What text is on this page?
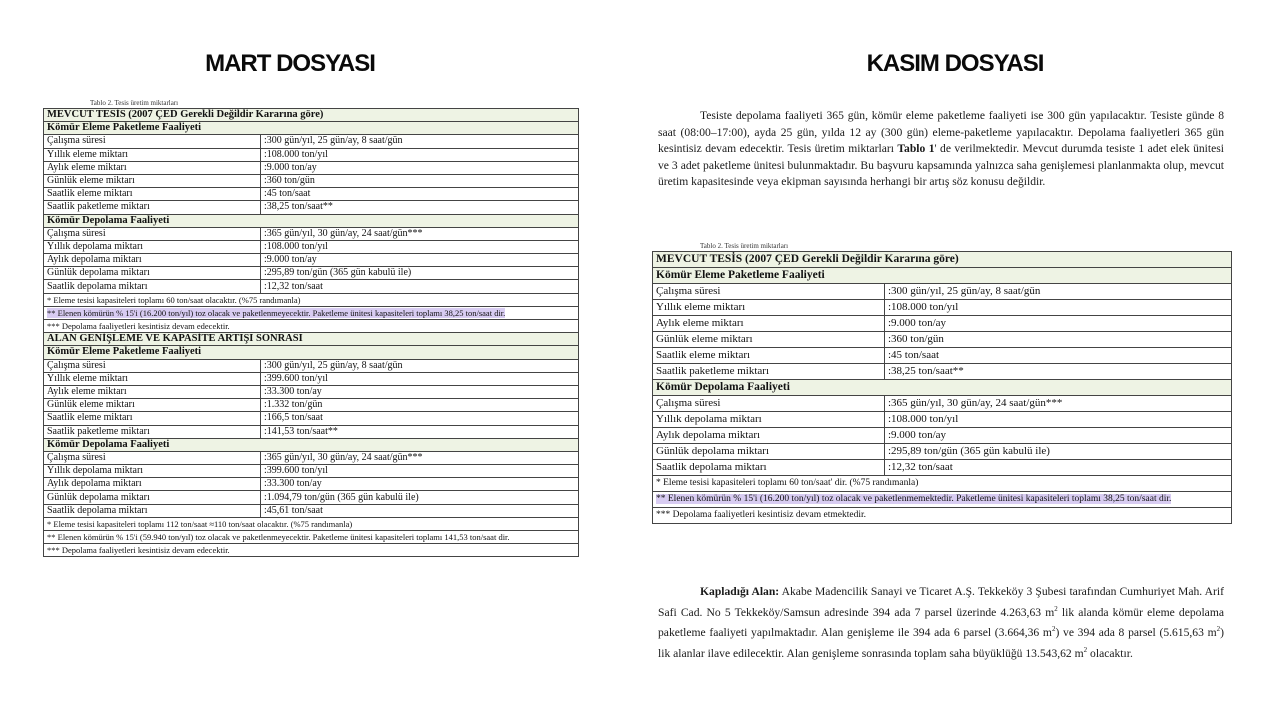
MART DOSYASI	KASIM DOSYASI
Tablo 2. Tesis üretim miktarları
MEVCUT TESİS (2007 ÇED Gerekli Değildir Kararına göre)	
Kömür Eleme Paketleme Faaliyeti	
Çalışma süresi	:300 gün/yıl, 25 gün/ay, 8 saat/gün
Yıllık eleme miktarı	:108.000 ton/yıl
Aylık eleme miktarı	:9.000 ton/ay
Günlük eleme miktarı	:360 ton/gün
Saatlik eleme miktarı	:45 ton/saat
Saatlik paketleme miktarı	:38,25 ton/saat**
Kömür Depolama Faaliyeti	
Çalışma süresi	:365 gün/yıl, 30 gün/ay, 24 saat/gün***
Yıllık depolama miktarı	:108.000 ton/yıl
Aylık depolama miktarı	:9.000 ton/ay
Günlük depolama miktarı	:295,89 ton/gün (365 gün kabulü ile)
Saatlik depolama miktarı	:12,32 ton/saat
* Eleme tesisi kapasiteleri toplamı 60 ton/saat olacaktır. (%75 randımanla)	
** Elenen kömürün % 15'i (16.200 ton/yıl) toz olacak ve paketlenmeyecektir. Paketleme ünitesi kapasiteleri toplamı 38,25 ton/saat dir.	
*** Depolama faaliyetleri kesintisiz devam edecektir.	
ALAN GENİŞLEME VE KAPASİTE ARTIŞI SONRASI	
Kömür Eleme Paketleme Faaliyeti	
Çalışma süresi	:300 gün/yıl, 25 gün/ay, 8 saat/gün
Yıllık eleme miktarı	:399.600 ton/yıl
Aylık eleme miktarı	:33.300 ton/ay
Günlük eleme miktarı	:1.332 ton/gün
Saatlik eleme miktarı	:166,5 ton/saat
Saatlik paketleme miktarı	:141,53 ton/saat**
Kömür Depolama Faaliyeti	
Çalışma süresi	:365 gün/yıl, 30 gün/ay, 24 saat/gün***
Yıllık depolama miktarı	:399.600 ton/yıl
Aylık depolama miktarı	:33.300 ton/ay
Günlük depolama miktarı	:1.094,79 ton/gün (365 gün kabulü ile)
Saatlik depolama miktarı	:45,61 ton/saat
* Eleme tesisi kapasiteleri toplamı 112 ton/saat ≈110 ton/saat olacaktır. (%75 randımanla)	
** Elenen kömürün % 15'i (59.940 ton/yıl) toz olacak ve paketlenmeyecektir. Paketleme ünitesi kapasiteleri toplamı 141,53 ton/saat dir.	
*** Depolama faaliyetleri kesintisiz devam edecektir.	
Tesiste depolama faaliyeti 365 gün, kömür eleme paketleme faaliyeti ise 300 gün yapılacaktır. Tesiste günde 8 saat (08:00–17:00), ayda 25 gün, yılda 12 ay (300 gün) eleme-paketleme yapılacaktır. Depolama faaliyetleri 365 gün kesintisiz devam edecektir. Tesis üretim miktarları Tablo 1' de verilmektedir. Mevcut durumda tesiste 1 adet elek ünitesi ve 3 adet paketleme ünitesi bulunmaktadır. Bu başvuru kapsamında yalnızca saha genişlemesi planlanmakta olup, mevcut üretim kapasitesinde veya ekipman sayısında herhangi bir artış söz konusu değildir.
Tablo 2. Tesis üretim miktarları
MEVCUT TESİS (2007 ÇED Gerekli Değildir Kararına göre)	
Kömür Eleme Paketleme Faaliyeti	
Çalışma süresi	:300 gün/yıl, 25 gün/ay, 8 saat/gün
Yıllık eleme miktarı	:108.000 ton/yıl
Aylık eleme miktarı	:9.000 ton/ay
Günlük eleme miktarı	:360 ton/gün
Saatlik eleme miktarı	:45 ton/saat
Saatlik paketleme miktarı	:38,25 ton/saat**
Kömür Depolama Faaliyeti	
Çalışma süresi	:365 gün/yıl, 30 gün/ay, 24 saat/gün***
Yıllık depolama miktarı	:108.000 ton/yıl
Aylık depolama miktarı	:9.000 ton/ay
Günlük depolama miktarı	:295,89 ton/gün (365 gün kabulü ile)
Saatlik depolama miktarı	:12,32 ton/saat
* Eleme tesisi kapasiteleri toplamı 60 ton/saat' dir. (%75 randımanla)	
** Elenen kömürün % 15'i (16.200 ton/yıl) toz olacak ve paketlenmemektedir. Paketleme ünitesi kapasiteleri toplamı 38,25 ton/saat dir.	
*** Depolama faaliyetleri kesintisiz devam etmektedir.	
Kapladığı Alan: Akabe Madencilik Sanayi ve Ticaret A.Ş. Tekkeköy 3 Şubesi tarafından Cumhuriyet Mah. Arif Safi Cad. No 5 Tekkeköy/Samsun adresinde 394 ada 7 parsel üzerinde 4.263,63 $m^2$ lik alanda kömür eleme depolama paketleme faaliyeti yapılmaktadır. Alan genişleme ile 394 ada 6 parsel (3.664,36 $m^2$) ve 394 ada 8 parsel (5.615,63 $m^2$) lik alanlar ilave edilecektir. Alan genişleme sonrasında toplam saha büyüklüğü 13.543,62 $m^2$ olacaktır.
